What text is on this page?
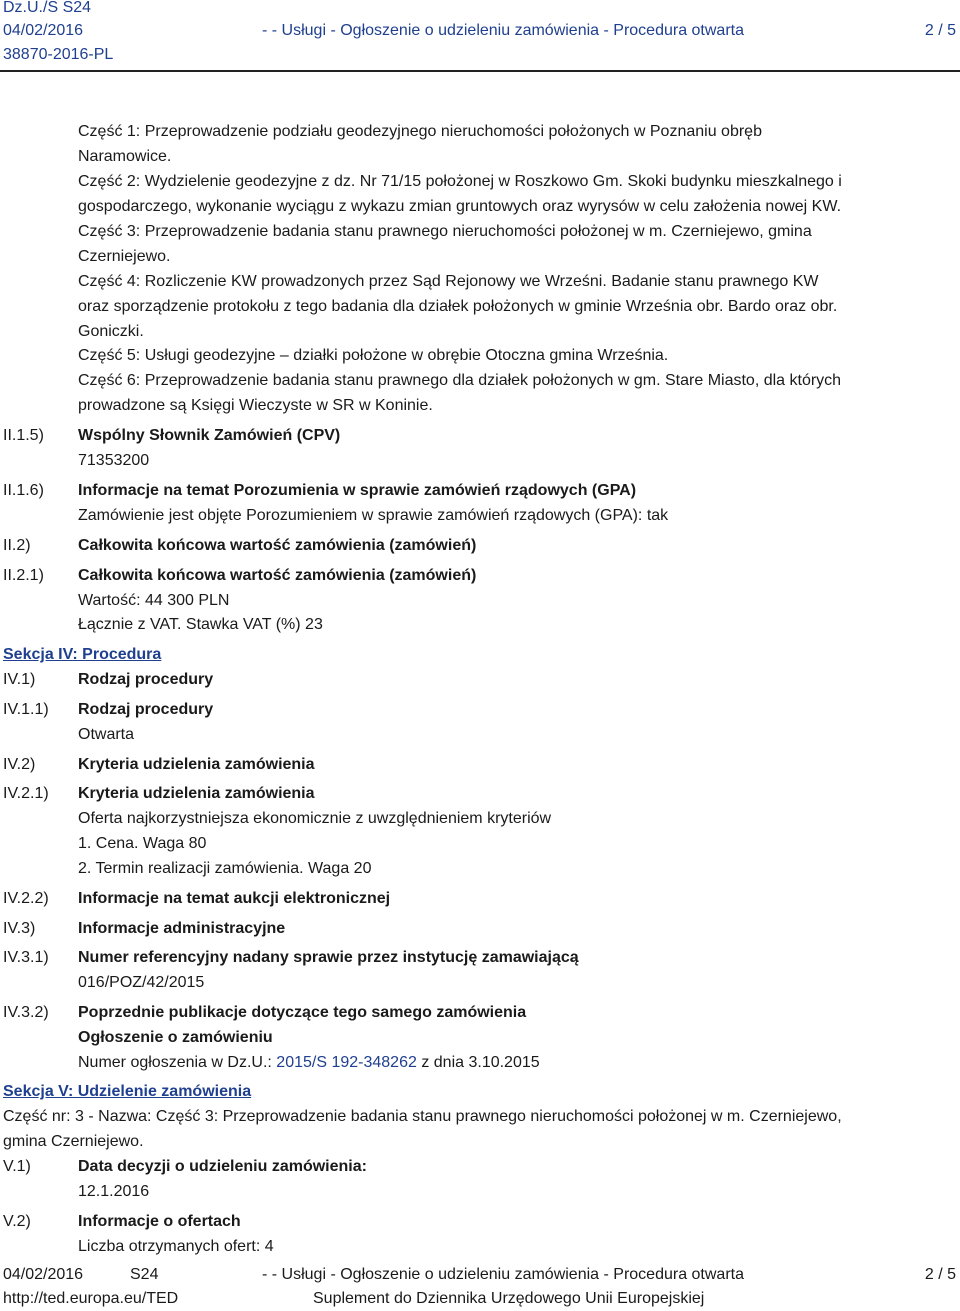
Dz.U./S S24
04/02/2016
38870-2016-PL
- - Usługi - Ogłoszenie o udzieleniu zamówienia - Procedura otwarta	2 / 5
Część 1: Przeprowadzenie podziału geodezyjnego nieruchomości położonych w Poznaniu obręb
Naramowice.
Część 2: Wydzielenie geodezyjne z dz. Nr 71/15 położonej w Roszkowo Gm. Skoki budynku mieszkalnego i
gospodarczego, wykonanie wyciągu z wykazu zmian gruntowych oraz wyrysów w celu założenia nowej KW.
Część 3: Przeprowadzenie badania stanu prawnego nieruchomości położonej w m. Czerniejewo, gmina
Czerniejewo.
Część 4: Rozliczenie KW prowadzonych przez Sąd Rejonowy we Wrześni. Badanie stanu prawnego KW
oraz sporządzenie protokołu z tego badania dla działek położonych w gminie Września obr. Bardo oraz obr.
Goniczki.
Część 5: Usługi geodezyjne – działki położone w obrębie Otoczna gmina Września.
Część 6: Przeprowadzenie badania stanu prawnego dla działek położonych w gm. Stare Miasto, dla których
prowadzone są Księgi Wieczyste w SR w Koninie.
II.1.5) Wspólny Słownik Zamówień (CPV)
71353200
II.1.6) Informacje na temat Porozumienia w sprawie zamówień rządowych (GPA)
Zamówienie jest objęte Porozumieniem w sprawie zamówień rządowych (GPA): tak
II.2)	Całkowita końcowa wartość zamówienia (zamówień)
II.2.1) Całkowita końcowa wartość zamówienia (zamówień)
Wartość: 44 300 PLN
Łącznie z VAT. Stawka VAT (%) 23
Sekcja IV: Procedura
IV.1)	Rodzaj procedury
IV.1.1) Rodzaj procedury
Otwarta
IV.2)	Kryteria udzielenia zamówienia
IV.2.1) Kryteria udzielenia zamówienia
Oferta najkorzystniejsza ekonomicznie z uwzględnieniem kryteriów
1. Cena. Waga 80
2. Termin realizacji zamówienia. Waga 20
IV.2.2) Informacje na temat aukcji elektronicznej
IV.3)	Informacje administracyjne
IV.3.1) Numer referencyjny nadany sprawie przez instytucję zamawiającą
016/POZ/42/2015
IV.3.2) Poprzednie publikacje dotyczące tego samego zamówienia
Ogłoszenie o zamówieniu
Numer ogłoszenia w Dz.U.: 2015/S 192-348262 z dnia 3.10.2015
Sekcja V: Udzielenie zamówienia
Część nr: 3 - Nazwa: Część 3: Przeprowadzenie badania stanu prawnego nieruchomości położonej w m. Czerniejewo,
gmina Czerniejewo.
V.1)	Data decyzji o udzieleniu zamówienia:
12.1.2016
V.2)	Informacje o ofertach
Liczba otrzymanych ofert: 4
04/02/2016	S24
http://ted.europa.eu/TED
- - Usługi - Ogłoszenie o udzieleniu zamówienia - Procedura otwarta
Suplement do Dziennika Urzędowego Unii Europejskiej
2 / 5
